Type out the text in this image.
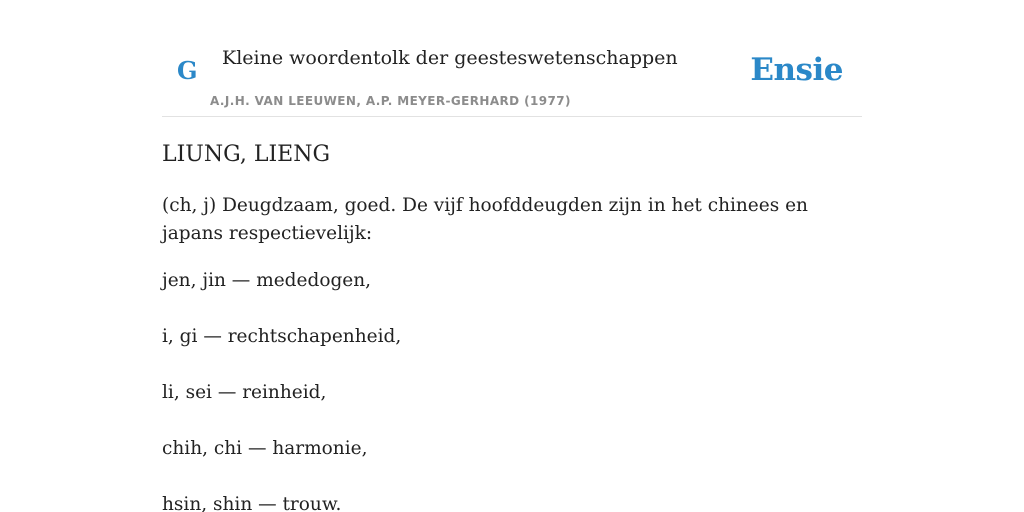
G Kleine woordentolk der geesteswetenschappen
A.J.H. VAN LEEUWEN, A.P. MEYER-GERHARD (1977)
Ensie
LIUNG, LIENG

(ch, j) Deugdzaam, goed. De vijf hoofddeugden zijn in het chinees en japans respectievelijk:

jen, jin — mededogen,

i, gi — rechtschapenheid,

li, sei — reinheid,

chih, chi — harmonie,

hsin, shin — trouw.
